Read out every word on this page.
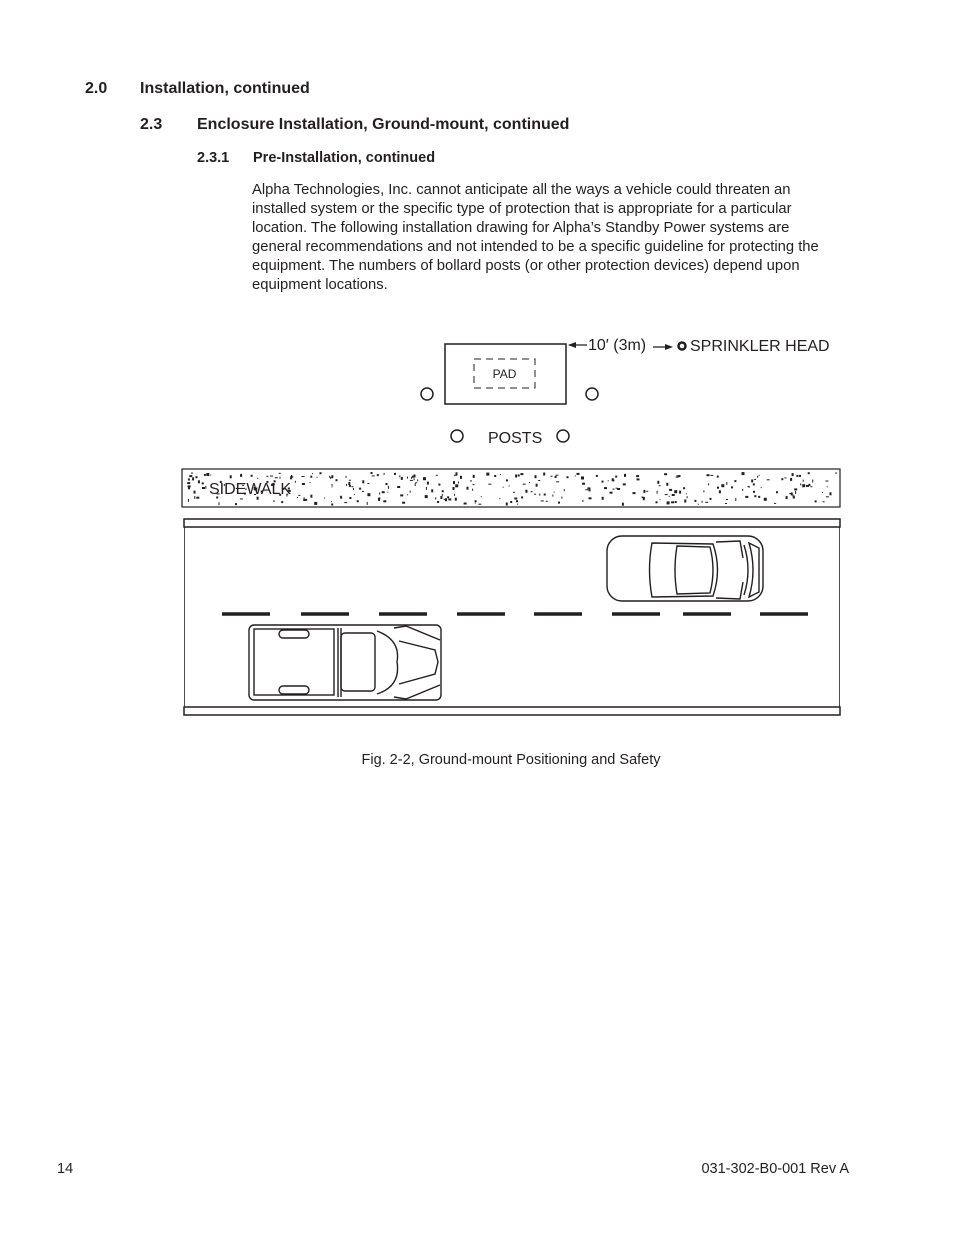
2.0 Installation, continued
2.3 Enclosure Installation, Ground-mount, continued
2.3.1 Pre-Installation, continued

Alpha Technologies, Inc. cannot anticipate all the ways a vehicle could threaten an installed system or the specific type of protection that is appropriate for a particular location. The following installation drawing for Alpha’s Standby Power systems are general recommendations and not intended to be a specific guideline for protecting the equipment. The numbers of bollard posts (or other protection devices) depend upon equipment locations.

PAD
10′ (3m)	SPRINKLER HEAD
POSTS
SIDEWALK
Fig. 2-2, Ground-mount Positioning and Safety
14	031-302-B0-001 Rev A
